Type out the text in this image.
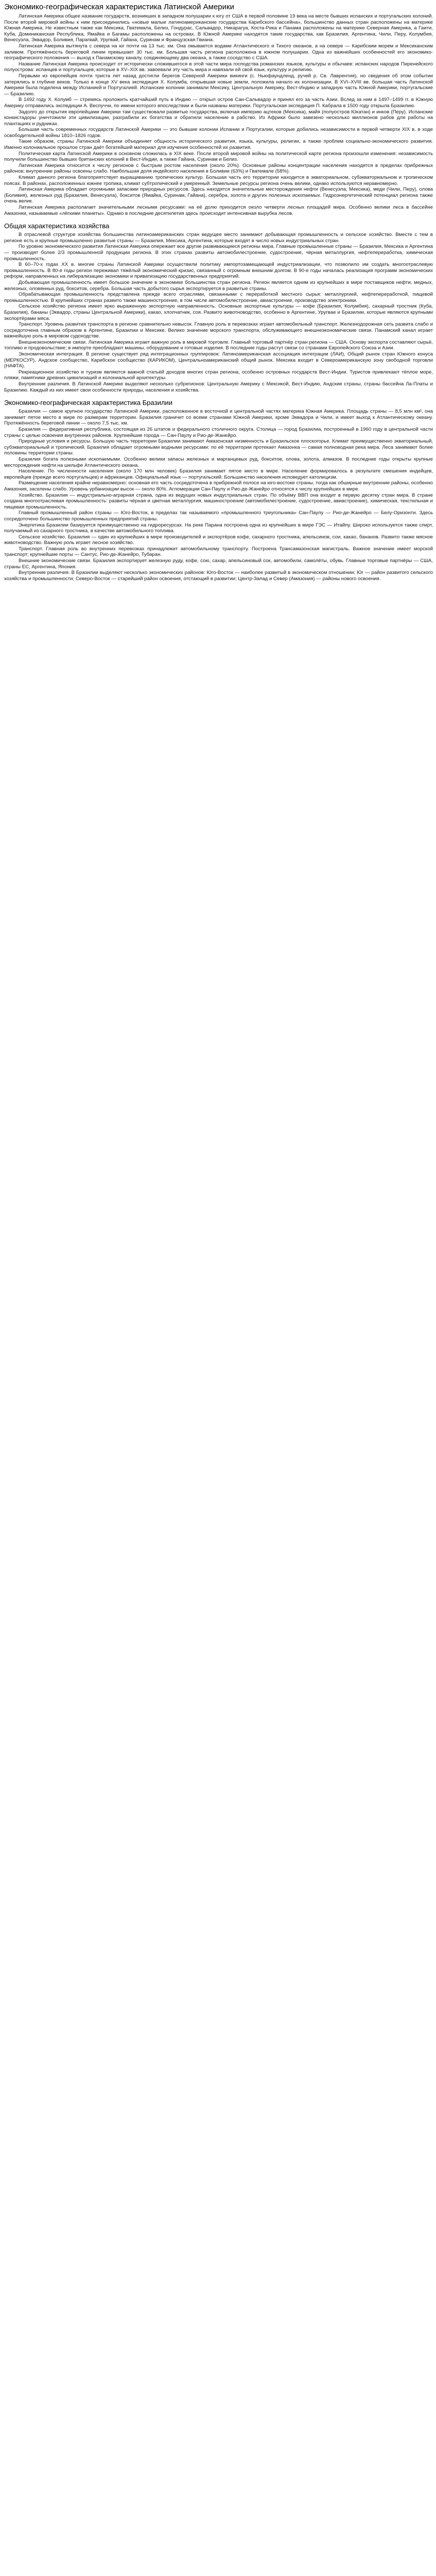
Экономико-географическая характеристика Латинской Америки

Латинская Америка общее название государств, возникших в западном полушарии к югу от США в первой половине 19 века на месте бывших испанских и португальских колоний. После второй мировой войны к ним присоединились «новые малые латиноамериканские государства Карибского бассейна», большинство данных стран расположены на материке Южная Америка. Не известным также как Мексика, Гватемала, Белиз, Гондурас, Сальвадор, Никарагуа, Коста-Рика и Панама расположены на материке Северная Америка, а Гаити, Куба, Доминиканская Республика, Ямайка и Багамы расположены на островах. В Южной Америке находятся такие государства, как Бразилия, Аргентина, Чили, Перу, Колумбия, Венесуэла, Эквадор, Боливия, Парагвай, Уругвай, Гайана, Суринам и Французская Гвиана.

Латинская Америка вытянута с севера на юг почти на 13 тыс. км. Она омывается водами Атлантического и Тихого океанов, а на севере — Карибским морем и Мексиканским заливом. Протяжённость береговой линии превышает 30 тыс. км. Большая часть региона расположена в южном полушарии. Одна из важнейших особенностей его экономико-географического положения — выход к Панамскому каналу, соединяющему два океана, а также соседство с США.

Название Латинская Америка происходит от исторически сложившегося в этой части мира господства романских языков, культуры и обычаев: испанских народов Пиренейского полуострова: испанцев и португальцев, которые в XV–XIX вв. завоевали эту часть мира и навязали ей свой язык, культуру и религию.

Первыми из европейцев почти триста лет назад достигли берегов Северной Америки викинги (с. Ньюфаундленд, ручей р. Св. Лаврентия), но сведения об этом событии затерялись в глубине веков. Только в конце XV века экспедиция Х. Колумба, открывшая новые земли, положила начало их колонизации. В XVI–XVIII вв. большая часть Латинской Америки была поделена между Испанией и Португалией. Испанские колонии занимали Мексику, Центральную Америку, Вест-Индию и западную часть Южной Америки, португальские — Бразилию.

В 1492 году Х. Колумб — стремясь проложить кратчайший путь в Индию — открыл остров Сан-Сальвадор и принял его за часть Азии. Вслед за ним в 1497–1499 гг. в Южную Америку отправились экспедиции А. Веспуччи, по имени которого впоследствии и были названы материки. Португальская экспедиция П. Кабрала в 1500 году открыла Бразилию.

Задолго до открытия европейцами Америки там существовали развитые государства, включая империю ацтеков (Мексика), майя (полуостров Юкатан) и инков (Перу). Испанские конкистадоры уничтожили эти цивилизации, разграбили их богатства и обратили население в рабство. Из Африки было завезено несколько миллионов рабов для работы на плантациях и рудниках.

Большая часть современных государств Латинской Америки — это бывшие колонии Испании и Португалии, которые добились независимости в первой четверти XIX в. в ходе освободительной войны 1810–1826 годов.

Такие образом, страны Латинской Америки объединяет общность исторического развития, языка, культуры, религии, а также проблем социально-экономического развития. Именно колониальное прошлое стран даёт богатейший материал для изучения особенностей их развития.

Политическая карта Латинской Америки в основном сложилась в XIX веке. После второй мировой войны на политической карте региона произошли изменения: независимость получили большинство бывших британских колоний в Вест-Индии, а также Гайана, Суринам и Белиз.

Латинская Америка относится к числу регионов с быстрым ростом населения (около 20%). Основные районы концентрации населения находятся в пределах прибрежных районов; внутренние районы освоены слабо. Наибольшая доля индейского населения в Боливии (63%) и Гватемале (58%).

Климат данного региона благоприятствует выращиванию тропических культур. Большая часть его территории находится в экваториальном, субэкваториальном и тропическом поясах. В районах, расположенных южнее тропика, климат субтропический и умеренный. Земельные ресурсы региона очень велики, однако используются неравномерно.

Латинская Америка обладает огромными запасами природных ресурсов. Здесь находятся значительные месторождения нефти (Венесуэла, Мексика), меди (Чили, Перу), олова (Боливия), железных руд (Бразилия, Венесуэла), бокситов (Ямайка, Суринам, Гайана), серебра, золота и других полезных ископаемых. Гидроэнергетический потенциал региона также очень велик.

Латинская Америка располагает значительными лесными ресурсами: на её долю приходится около четверти лесных площадей мира. Особенно велики леса в бассейне Амазонки, называемые «лёгкими планеты». Однако в последние десятилетия здесь происходит интенсивная вырубка лесов.

Общая характеристика хозяйства

В отраслевой структуре хозяйства большинства латиноамериканских стран ведущее место занимают добывающая промышленность и сельское хозяйство. Вместе с тем в регионе есть и крупные промышленно развитые страны — Бразилия, Мексика, Аргентина, которые входят в число новых индустриальных стран.

По уровню экономического развития Латинская Америка опережает все другие развивающиеся регионы мира. Главные промышленные страны — Бразилия, Мексика и Аргентина — производят более 2/3 промышленной продукции региона. В этих странах развиты автомобилестроение, судостроение, чёрная металлургия, нефтепереработка, химическая промышленность.

В 60–70-х годах XX в. многие страны Латинской Америки осуществили политику импортозамещающей индустриализации, что позволило им создать многоотраслевую промышленность. В 80-е годы регион переживал тяжёлый экономический кризис, связанный с огромным внешним долгом. В 90-е годы началась реализация программ экономических реформ, направленных на либерализацию экономики и приватизацию государственных предприятий.

Добывающая промышленность имеет большое значение в экономике большинства стран региона. Регион является одним из крупнейших в мире поставщиков нефти, медных, железных, оловянных руд, бокситов, серебра. Большая часть добытого сырья экспортируется в развитые страны.

Обрабатывающая промышленность представлена прежде всего отраслями, связанными с переработкой местного сырья: металлургией, нефтепереработкой, пищевой промышленностью. В крупнейших странах развито также машиностроение, в том числе автомобилестроение, авиастроение, производство электроники.

Сельское хозяйство региона имеет ярко выраженную экспортную направленность. Основные экспортные культуры — кофе (Бразилия, Колумбия), сахарный тростник (Куба, Бразилия), бананы (Эквадор, страны Центральной Америки), какао, хлопчатник, соя. Развито животноводство, особенно в Аргентине, Уругвае и Бразилии, которые являются крупными экспортёрами мяса.

Транспорт. Уровень развития транспорта в регионе сравнительно невысок. Главную роль в перевозках играет автомобильный транспорт. Железнодорожная сеть развита слабо и сосредоточена главным образом в Аргентине, Бразилии и Мексике. Велико значение морского транспорта, обслуживающего внешнеэкономические связи. Панамский канал играет важнейшую роль в мировом судоходстве.

Внешнеэкономические связи. Латинская Америка играет важную роль в мировой торговле. Главный торговый партнёр стран региона — США. Основу экспорта составляют сырьё, топливо и продовольствие; в импорте преобладают машины, оборудование и готовые изделия. В последние годы растут связи со странами Европейского Союза и Азии.

Экономическая интеграция. В регионе существует ряд интеграционных группировок: Латиноамериканская ассоциация интеграции (ЛАИ), Общий рынок стран Южного конуса (МЕРКОСУР), Андское сообщество, Карибское сообщество (КАРИКОМ), Центральноамериканский общий рынок. Мексика входит в Североамериканскую зону свободной торговли (НАФТА).

Рекреационное хозяйство и туризм являются важной статьёй доходов многих стран региона, особенно островных государств Вест-Индии. Туристов привлекают тёплое море, пляжи, памятники древних цивилизаций и колониальной архитектуры.

Внутренние различия. В Латинской Америке выделяют несколько субрегионов: Центральную Америку с Мексикой, Вест-Индию, Андские страны, страны бассейна Ла-Платы и Бразилию. Каждый из них имеет свои особенности природы, населения и хозяйства.

Экономико-географическая характеристика Бразилии

Бразилия — самое крупное государство Латинской Америки, расположенное в восточной и центральной частях материка Южная Америка. Площадь страны — 8,5 млн км², она занимает пятое место в мире по размерам территории. Бразилия граничит со всеми странами Южной Америки, кроме Эквадора и Чили, и имеет выход к Атлантическому океану. Протяжённость береговой линии — около 7,5 тыс. км.

Бразилия — федеративная республика, состоящая из 26 штатов и федерального столичного округа. Столица — город Бразилиа, построенный в 1960 году в центральной части страны с целью освоения внутренних районов. Крупнейшие города — Сан-Паулу и Рио-де-Жанейро.

Природные условия и ресурсы. Большую часть территории Бразилии занимают Амазонская низменность и Бразильское плоскогорье. Климат преимущественно экваториальный, субэкваториальный и тропический. Бразилия обладает огромными водными ресурсами: по её территории протекает Амазонка — самая полноводная река мира. Леса занимают более половины территории страны.

Бразилия богата полезными ископаемыми. Особенно велики запасы железных и марганцевых руд, бокситов, олова, золота, алмазов. В последние годы открыты крупные месторождения нефти на шельфе Атлантического океана.

Население. По численности населения (около 170 млн человек) Бразилия занимает пятое место в мире. Население формировалось в результате смешения индейцев, европейцев (прежде всего португальцев) и африканцев. Официальный язык — португальский. Большинство населения исповедует католицизм.

Размещение населения крайне неравномерно: основная его часть сосредоточена в прибрежной полосе на юго-востоке страны, тогда как обширные внутренние районы, особенно Амазония, заселены слабо. Уровень урбанизации высок — около 80%. Агломерации Сан-Паулу и Рио-де-Жанейро относятся к числу крупнейших в мире.

Хозяйство. Бразилия — индустриально-аграрная страна, одна из ведущих новых индустриальных стран. По объёму ВВП она входит в первую десятку стран мира. В стране создана многоотраслевая промышленность: развиты чёрная и цветная металлургия, машиностроение (автомобилестроение, судостроение, авиастроение), химическая, текстильная и пищевая промышленность.

Главный промышленный район страны — Юго-Восток, в пределах так называемого «промышленного треугольника» Сан-Паулу — Рио-де-Жанейро — Белу-Оризонти. Здесь сосредоточено большинство промышленных предприятий страны.

Энергетика Бразилии базируется преимущественно на гидроресурсах. На реке Парана построена одна из крупнейших в мире ГЭС — Итайпу. Широко используется также спирт, получаемый из сахарного тростника, в качестве автомобильного топлива.

Сельское хозяйство. Бразилия — один из крупнейших в мире производителей и экспортёров кофе, сахарного тростника, апельсинов, сои, какао, бананов. Развито также мясное животноводство. Важную роль играет лесное хозяйство.

Транспорт. Главная роль во внутренних перевозках принадлежит автомобильному транспорту. Построена Трансамазонская магистраль. Важное значение имеет морской транспорт; крупнейшие порты — Сантус, Рио-де-Жанейро, Тубаран.

Внешние экономические связи. Бразилия экспортирует железную руду, кофе, сою, сахар, апельсиновый сок, автомобили, самолёты, обувь. Главные торговые партнёры — США, страны ЕС, Аргентина, Япония.

Внутренние различия. В Бразилии выделяют несколько экономических районов: Юго-Восток — наиболее развитый в экономическом отношении; Юг — район развитого сельского хозяйства и промышленности; Северо-Восток — старейший район освоения, отстающий в развитии; Центр-Запад и Север (Амазония) — районы нового освоения.
